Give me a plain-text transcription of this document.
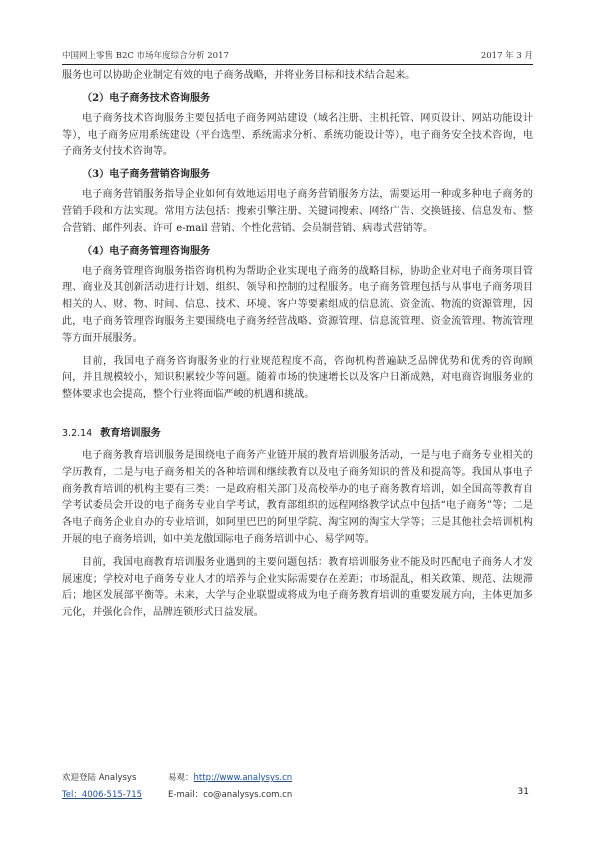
中国网上零售 B2C 市场年度综合分析 2017	2017 年 3 月

服务也可以协助企业制定有效的电子商务战略，并将业务目标和技术结合起来。

（2）电子商务技术咨询服务

电子商务技术咨询服务主要包括电子商务网站建设（域名注册、主机托管、网页设计、网站功能设计等），电子商务应用系统建设（平台选型、系统需求分析、系统功能设计等），电子商务安全技术咨询，电子商务支付技术咨询等。

（3）电子商务营销咨询服务

电子商务营销服务指导企业如何有效地运用电子商务营销服务方法，需要运用一种或多种电子商务的营销手段和方法实现。常用方法包括：搜索引擎注册、关键词搜索、网络广告、交换链接、信息发布、整合营销、邮件列表、许可 e-mail 营销、个性化营销、会员制营销、病毒式营销等。

（4）电子商务管理咨询服务

电子商务管理咨询服务指咨询机构为帮助企业实现电子商务的战略目标，协助企业对电子商务项目管理、商业及其创新活动进行计划、组织、领导和控制的过程服务。电子商务管理包括与从事电子商务项目相关的人、财、物、时间、信息、技术、环境、客户等要素组成的信息流、资金流、物流的资源管理，因此，电子商务管理咨询服务主要围绕电子商务经营战略、资源管理、信息流管理、资金流管理、物流管理等方面开展服务。

目前，我国电子商务咨询服务业的行业规范程度不高，咨询机构普遍缺乏品牌优势和优秀的咨询顾问，并且规模较小，知识积累较少等问题。随着市场的快速增长以及客户日渐成熟，对电商咨询服务业的整体要求也会提高，整个行业将面临严峻的机遇和挑战。

3.2.14 教育培训服务

电子商务教育培训服务是围绕电子商务产业链开展的教育培训服务活动，一是与电子商务专业相关的学历教育，二是与电子商务相关的各种培训和继续教育以及电子商务知识的普及和提高等。我国从事电子商务教育培训的机构主要有三类：一是政府相关部门及高校举办的电子商务教育培训，如全国高等教育自学考试委员会开设的电子商务专业自学考试，教育部组织的远程网络教学试点中包括“电子商务”等；二是各电子商务企业自办的专业培训，如阿里巴巴的阿里学院、淘宝网的淘宝大学等；三是其他社会培训机构开展的电子商务培训，如中美龙傲国际电子商务培训中心、易学网等。

目前，我国电商教育培训服务业遇到的主要问题包括：教育培训服务业不能及时匹配电子商务人才发展速度；学校对电子商务专业人才的培养与企业实际需要存在差距；市场混乱，相关政策、规范、法规滞后；地区发展部平衡等。未来，大学与企业联盟或将成为电子商务教育培训的重要发展方向，主体更加多元化，并强化合作，品牌连锁形式日益发展。

欢迎登陆 Analysys	易观： http://www.analysys.cn
Tel：4006-515-715	E-mail：co@analysys.com.cn	31
